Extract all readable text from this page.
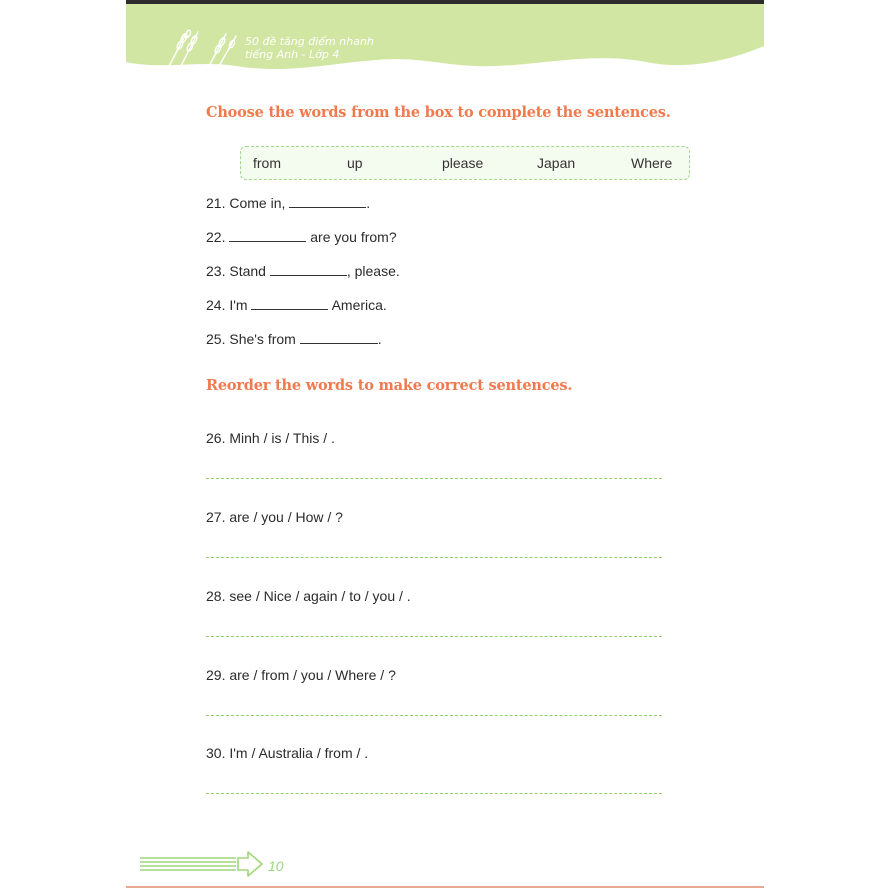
50 đề tăng điểm nhanh
tiếng Anh - Lớp 4
Choose the words from the box to complete the sentences.
from	up	please	Japan	Where
21. Come in,	.
22.	are you from?
23. Stand	, please.
24. I'm	America.
25. She's from	.
Reorder the words to make correct sentences.
26. Minh / is / This / .
27. are / you / How / ?
28. see / Nice / again / to / you / .
29. are / from / you / Where / ?
30. I'm / Australia / from / .
10
